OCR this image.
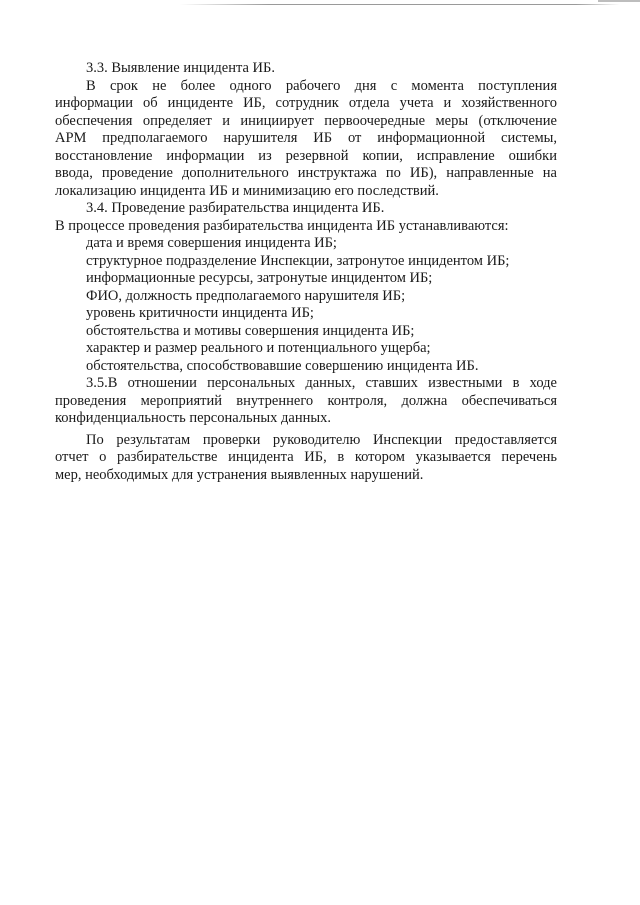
3.3. Выявление инцидента ИБ.
В срок не более одного рабочего дня с момента поступления
информации об инциденте ИБ, сотрудник отдела учета и хозяйственного
обеспечения определяет и инициирует первоочередные меры (отключение
АРМ предполагаемого нарушителя ИБ от информационной системы,
восстановление информации из резервной копии, исправление ошибки
ввода, проведение дополнительного инструктажа по ИБ), направленные на
локализацию инцидента ИБ и минимизацию его последствий.
3.4. Проведение разбирательства инцидента ИБ.
В процессе проведения разбирательства инцидента ИБ устанавливаются:
дата и время совершения инцидента ИБ;
структурное подразделение Инспекции, затронутое инцидентом ИБ;
информационные ресурсы, затронутые инцидентом ИБ;
ФИО, должность предполагаемого нарушителя ИБ;
уровень критичности инцидента ИБ;
обстоятельства и мотивы совершения инцидента ИБ;
характер и размер реального и потенциального ущерба;
обстоятельства, способствовавшие совершению инцидента ИБ.
3.5.В отношении персональных данных, ставших известными в ходе
проведения мероприятий внутреннего контроля, должна обеспечиваться
конфиденциальность персональных данных.
По результатам проверки руководителю Инспекции предоставляется
отчет о разбирательстве инцидента ИБ, в котором указывается перечень
мер, необходимых для устранения выявленных нарушений.
